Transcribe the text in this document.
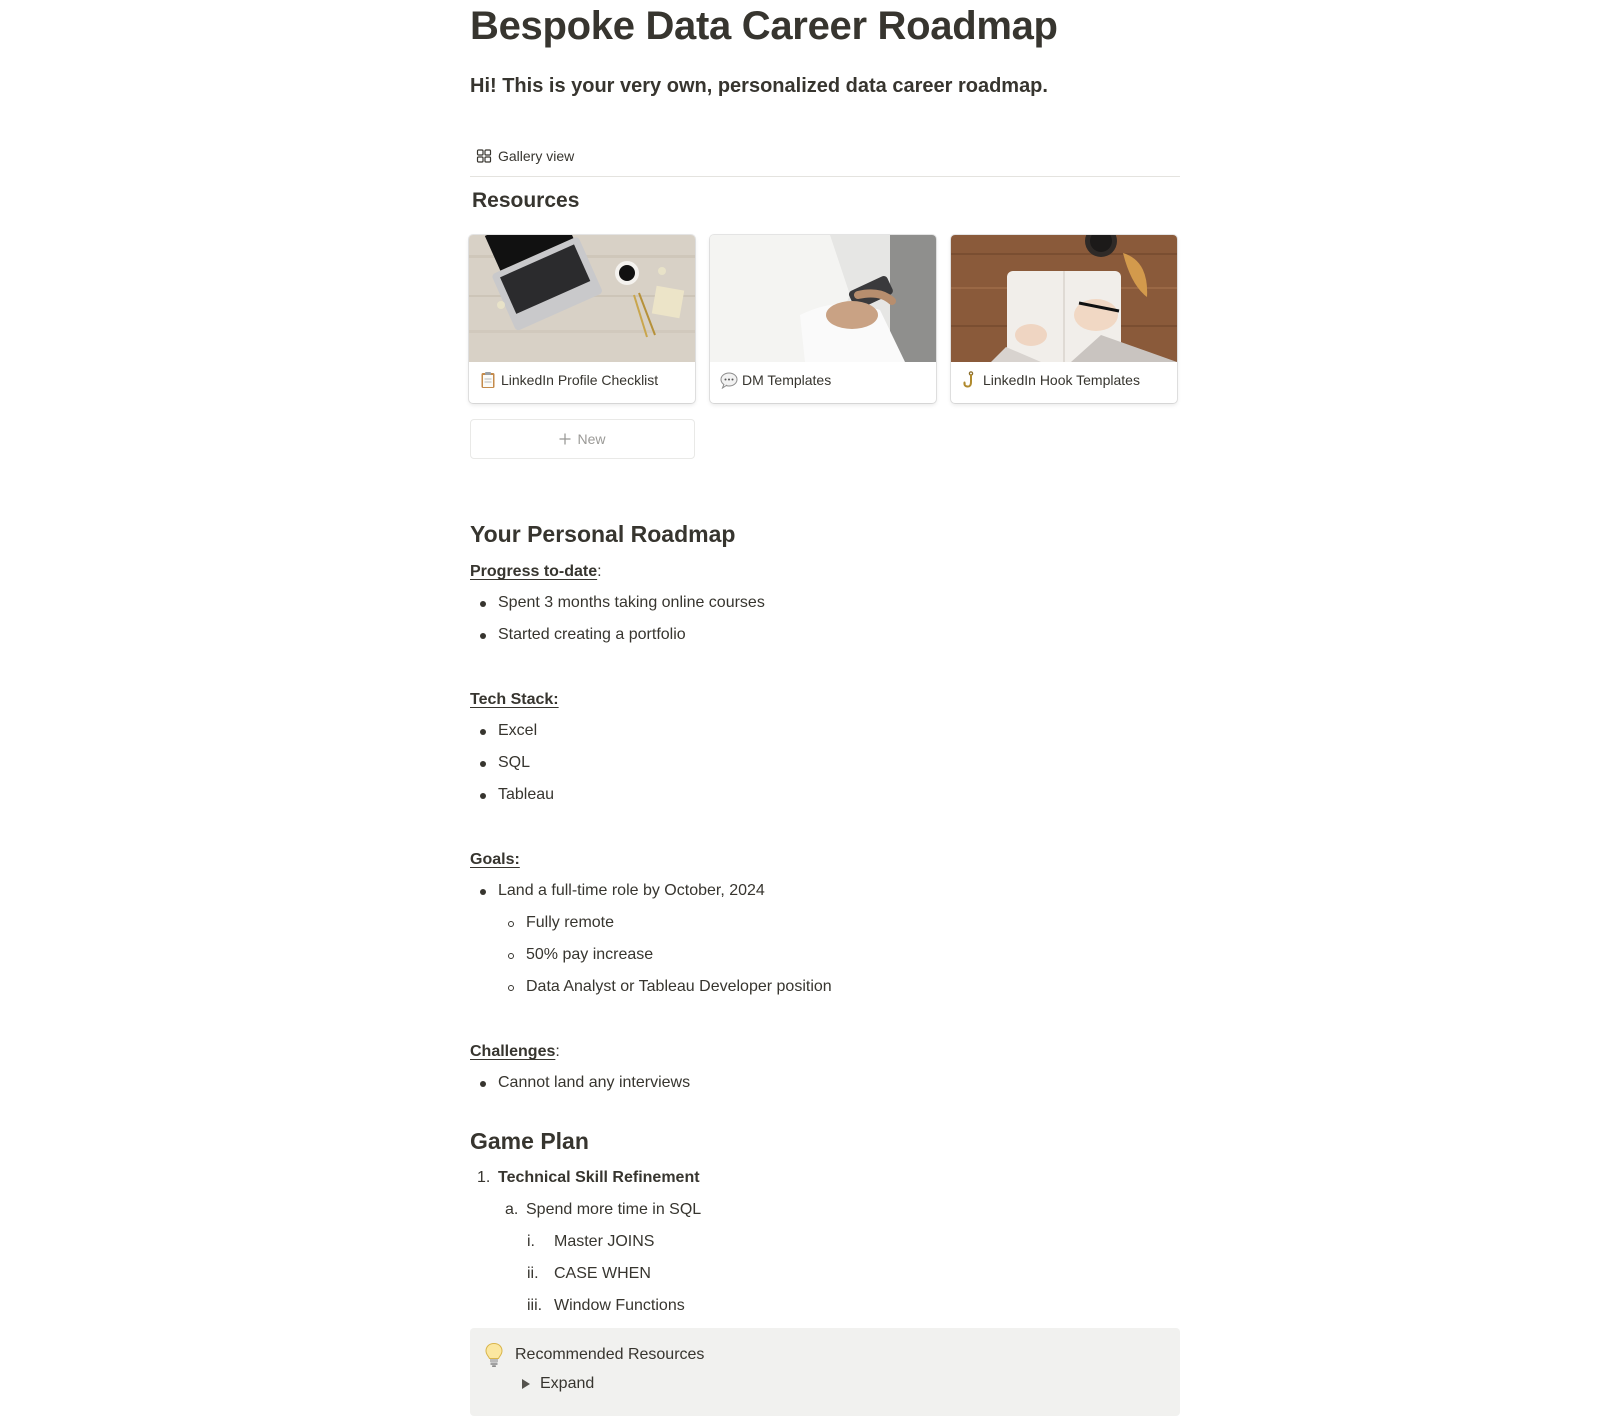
Bespoke Data Career Roadmap
Hi! This is your very own, personalized data career roadmap.
Gallery view
Resources
LinkedIn Profile Checklist	DM Templates	LinkedIn Hook Templates
New
Your Personal Roadmap
Progress to-date:
Spent 3 months taking online courses
Started creating a portfolio
Tech Stack:
Excel
SQL
Tableau
Goals:
Land a full-time role by October, 2024
Fully remote
50% pay increase
Data Analyst or Tableau Developer position
Challenges:
Cannot land any interviews
Game Plan
1. Technical Skill Refinement
a. Spend more time in SQL
i. Master JOINS
ii. CASE WHEN
iii. Window Functions
Recommended Resources
Expand
